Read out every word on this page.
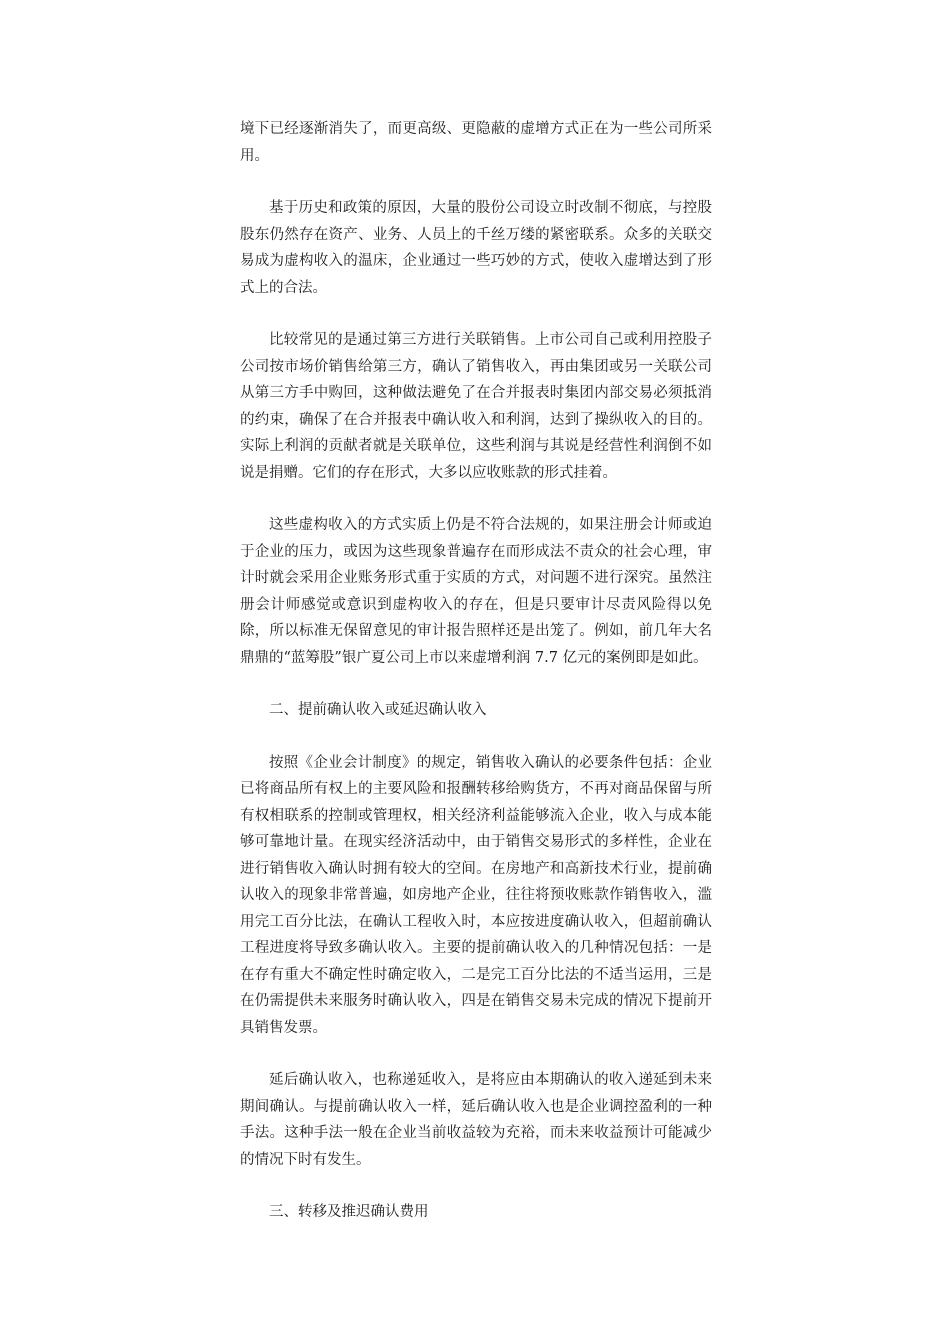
境下已经逐渐消失了，而更高级、更隐蔽的虚增方式正在为一些公司所采用。

基于历史和政策的原因，大量的股份公司设立时改制不彻底，与控股股东仍然存在资产、业务、人员上的千丝万缕的紧密联系。众多的关联交易成为虚构收入的温床，企业通过一些巧妙的方式，使收入虚增达到了形式上的合法。

比较常见的是通过第三方进行关联销售。上市公司自己或利用控股子公司按市场价销售给第三方，确认了销售收入，再由集团或另一关联公司从第三方手中购回，这种做法避免了在合并报表时集团内部交易必须抵消的约束，确保了在合并报表中确认收入和利润，达到了操纵收入的目的。实际上利润的贡献者就是关联单位，这些利润与其说是经营性利润倒不如说是捐赠。它们的存在形式，大多以应收账款的形式挂着。

这些虚构收入的方式实质上仍是不符合法规的，如果注册会计师或迫于企业的压力，或因为这些现象普遍存在而形成法不责众的社会心理，审计时就会采用企业账务形式重于实质的方式，对问题不进行深究。虽然注册会计师感觉或意识到虚构收入的存在，但是只要审计尽责风险得以免除，所以标准无保留意见的审计报告照样还是出笼了。例如，前几年大名鼎鼎的“蓝筹股”银广夏公司上市以来虚增利润 7.7 亿元的案例即是如此。

二、提前确认收入或延迟确认收入

按照《企业会计制度》的规定，销售收入确认的必要条件包括：企业已将商品所有权上的主要风险和报酬转移给购货方，不再对商品保留与所有权相联系的控制或管理权，相关经济利益能够流入企业，收入与成本能够可靠地计量。在现实经济活动中，由于销售交易形式的多样性，企业在进行销售收入确认时拥有较大的空间。在房地产和高新技术行业，提前确认收入的现象非常普遍，如房地产企业，往往将预收账款作销售收入，滥用完工百分比法，在确认工程收入时，本应按进度确认收入，但超前确认工程进度将导致多确认收入。主要的提前确认收入的几种情况包括：一是在存有重大不确定性时确定收入，二是完工百分比法的不适当运用，三是在仍需提供未来服务时确认收入，四是在销售交易未完成的情况下提前开具销售发票。

延后确认收入，也称递延收入，是将应由本期确认的收入递延到未来期间确认。与提前确认收入一样，延后确认收入也是企业调控盈利的一种手法。这种手法一般在企业当前收益较为充裕，而未来收益预计可能减少的情况下时有发生。

三、转移及推迟确认费用
